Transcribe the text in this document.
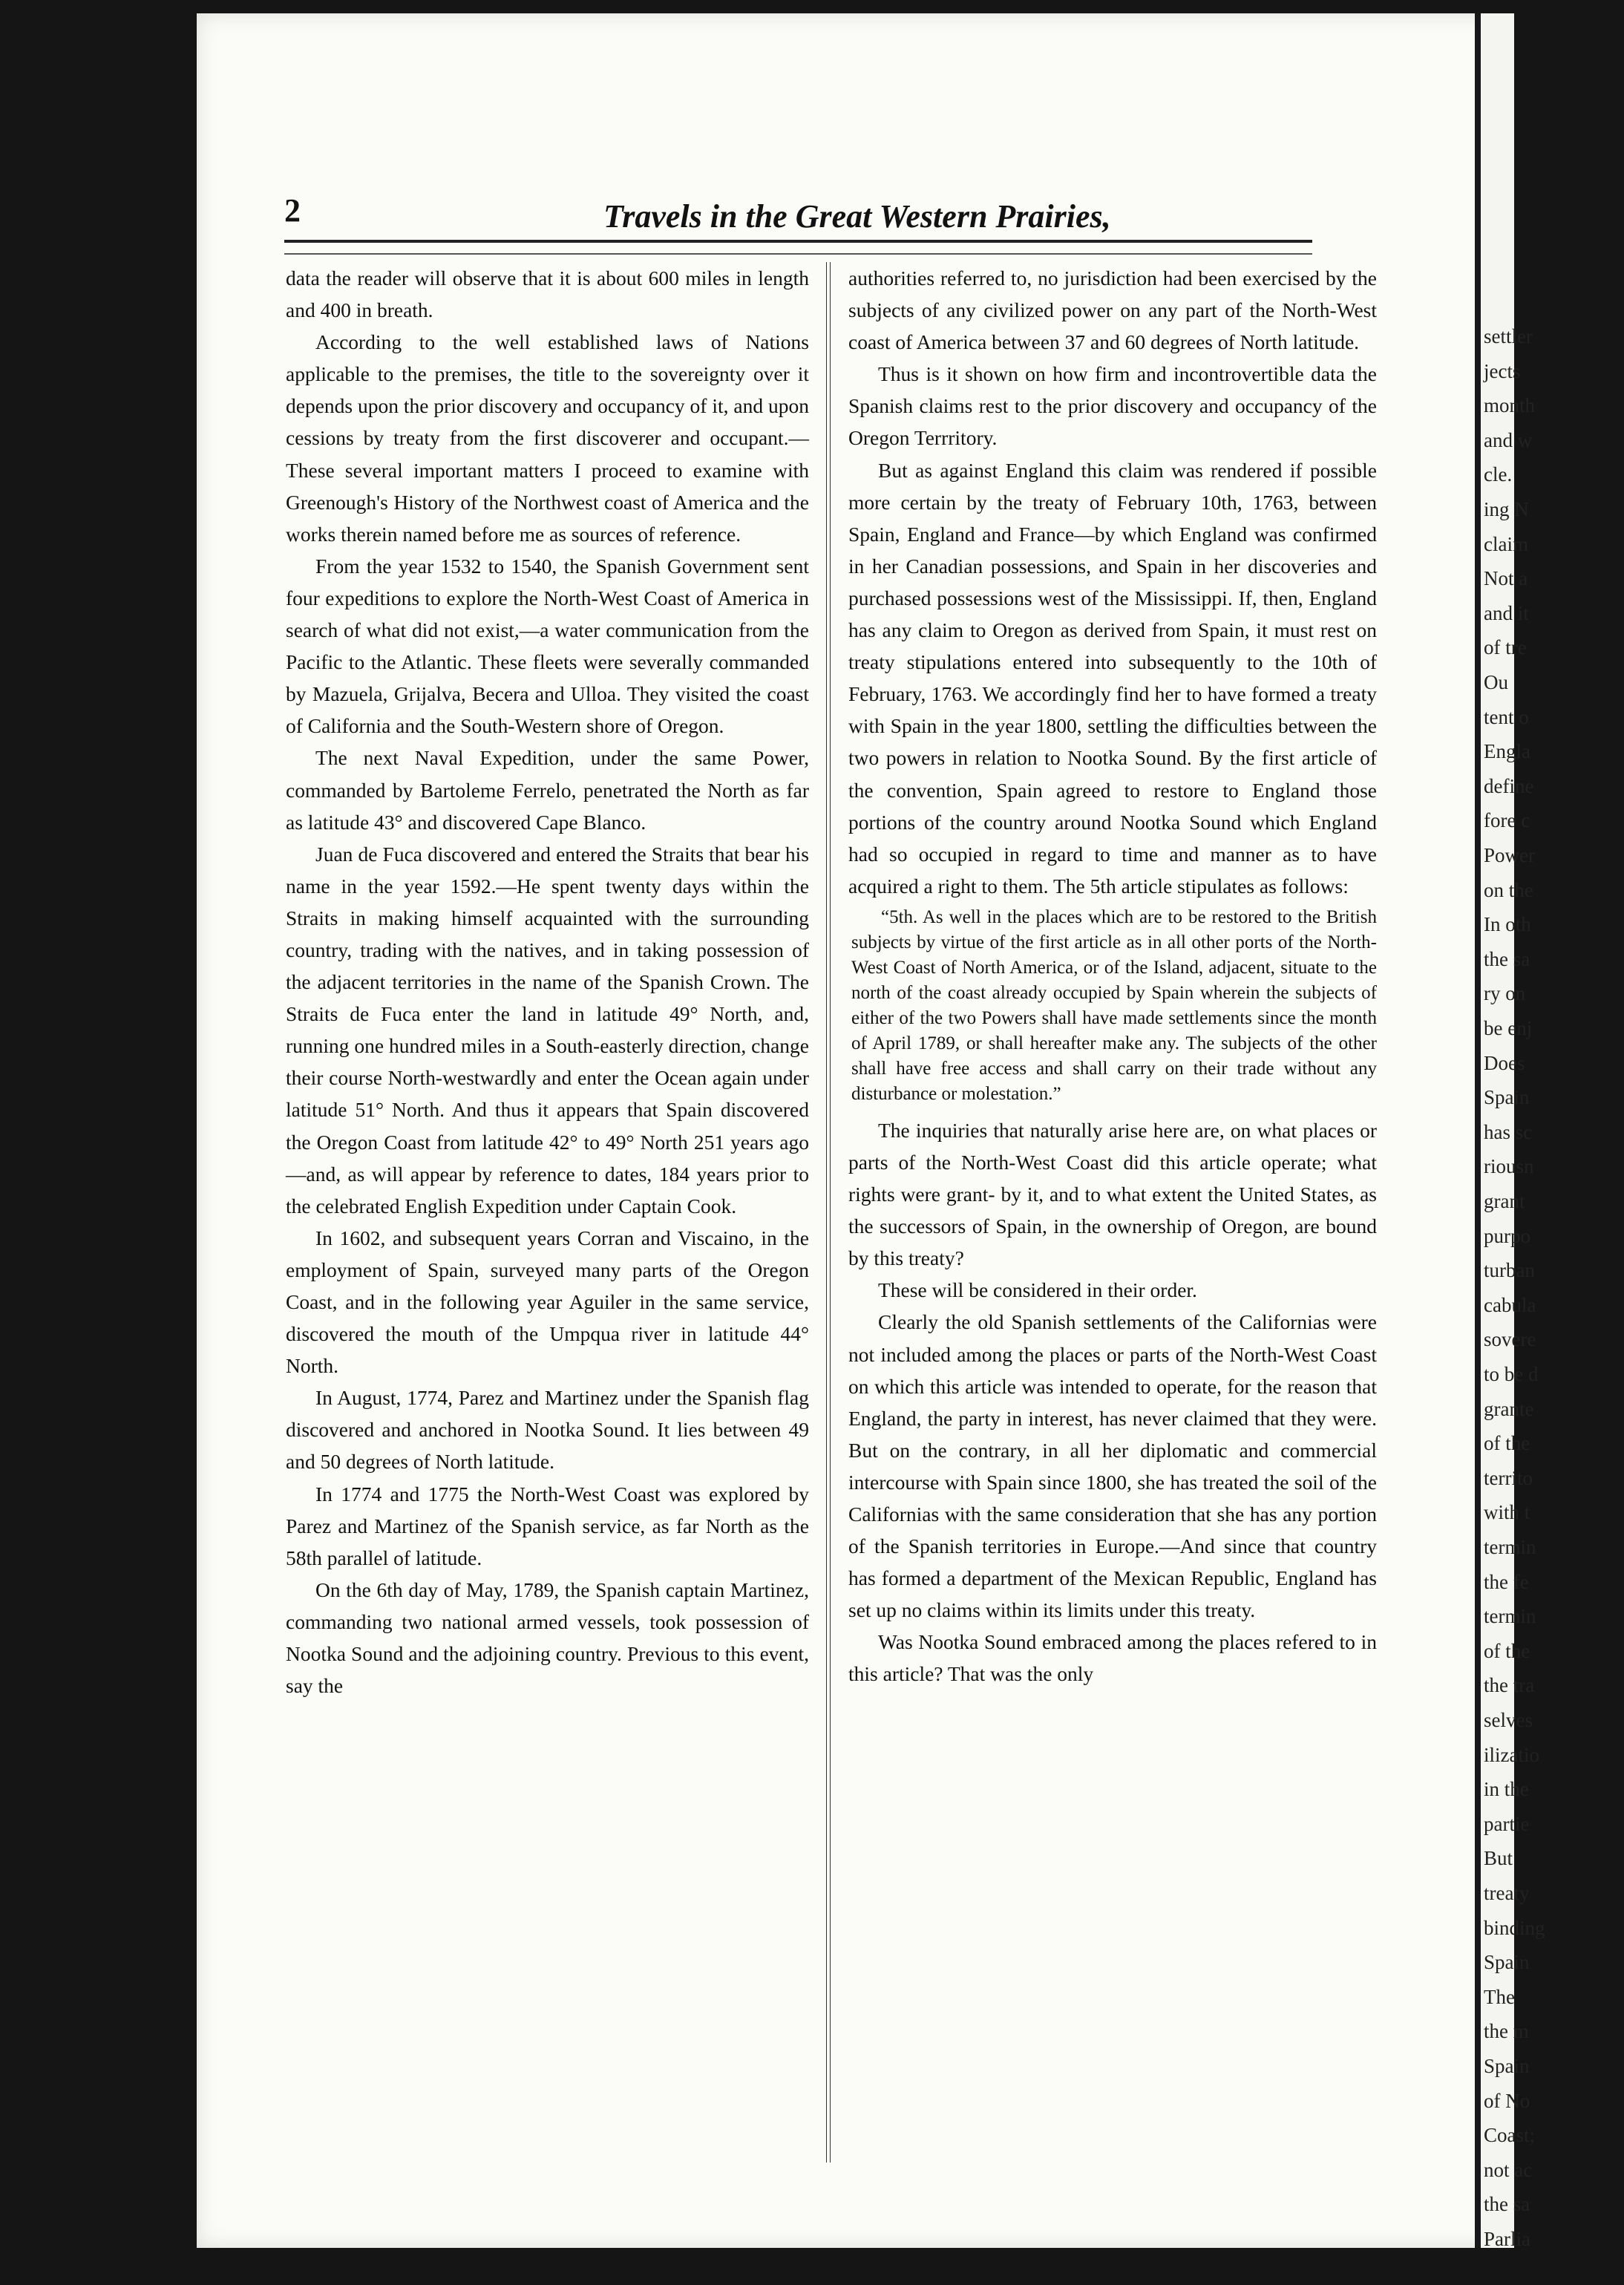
2	Travels in the Great Western Prairies,

data the reader will observe that it is about 600 miles in length and 400 in breath.

According to the well established laws of Nations applicable to the premises, the title to the sovereignty over it depends upon the prior discovery and occupancy of it, and upon cessions by treaty from the first discoverer and occupant.—These several important matters I proceed to examine with Greenough's History of the Northwest coast of America and the works therein named before me as sources of reference.

From the year 1532 to 1540, the Spanish Government sent four expeditions to explore the North-West Coast of America in search of what did not exist,—a water communication from the Pacific to the Atlantic. These fleets were severally commanded by Mazuela, Grijalva, Becera and Ulloa. They visited the coast of California and the South-Western shore of Oregon.

The next Naval Expedition, under the same Power, commanded by Bartoleme Ferrelo, penetrated the North as far as latitude 43° and discovered Cape Blanco.

Juan de Fuca discovered and entered the Straits that bear his name in the year 1592.—He spent twenty days within the Straits in making himself acquainted with the surrounding country, trading with the natives, and in taking possession of the adjacent territories in the name of the Spanish Crown. The Straits de Fuca enter the land in latitude 49° North, and, running one hundred miles in a South-easterly direction, change their course North-westwardly and enter the Ocean again under latitude 51° North. And thus it appears that Spain discovered the Oregon Coast from latitude 42° to 49° North 251 years ago—and, as will appear by reference to dates, 184 years prior to the celebrated English Expedition under Captain Cook.

In 1602, and subsequent years Corran and Viscaino, in the employment of Spain, surveyed many parts of the Oregon Coast, and in the following year Aguiler in the same service, discovered the mouth of the Umpqua river in latitude 44° North.

In August, 1774, Parez and Martinez under the Spanish flag discovered and anchored in Nootka Sound. It lies between 49 and 50 degrees of North latitude.

In 1774 and 1775 the North-West Coast was explored by Parez and Martinez of the Spanish service, as far North as the 58th parallel of latitude.

On the 6th day of May, 1789, the Spanish captain Martinez, commanding two national armed vessels, took possession of Nootka Sound and the adjoining country. Previous to this event, say the

authorities referred to, no jurisdiction had been exercised by the subjects of any civilized power on any part of the North-West coast of America between 37 and 60 degrees of North latitude.

Thus is it shown on how firm and incontrovertible data the Spanish claims rest to the prior discovery and occupancy of the Oregon Terrritory.

But as against England this claim was rendered if possible more certain by the treaty of February 10th, 1763, between Spain, England and France—by which England was confirmed in her Canadian possessions, and Spain in her discoveries and purchased possessions west of the Mississippi. If, then, England has any claim to Oregon as derived from Spain, it must rest on treaty stipulations entered into subsequently to the 10th of February, 1763. We accordingly find her to have formed a treaty with Spain in the year 1800, settling the difficulties between the two powers in relation to Nootka Sound. By the first article of the convention, Spain agreed to restore to England those portions of the country around Nootka Sound which England had so occupied in regard to time and manner as to have acquired a right to them. The 5th article stipulates as follows:

“5th. As well in the places which are to be restored to the British subjects by virtue of the first article as in all other ports of the North-West Coast of North America, or of the Island, adjacent, situate to the north of the coast already occupied by Spain wherein the subjects of either of the two Powers shall have made settlements since the month of April 1789, or shall hereafter make any. The subjects of the other shall have free access and shall carry on their trade without any disturbance or molestation.”

The inquiries that naturally arise here are, on what places or parts of the North-West Coast did this article operate; what rights were grant- by it, and to what extent the United States, as the successors of Spain, in the ownership of Oregon, are bound by this treaty?

These will be considered in their order.

Clearly the old Spanish settlements of the Californias were not included among the places or parts of the North-West Coast on which this article was intended to operate, for the reason that England, the party in interest, has never claimed that they were. But on the contrary, in all her diplomatic and commercial intercourse with Spain since 1800, she has treated the soil of the Californias with the same consideration that she has any portion of the Spanish territories in Europe.—And since that country has formed a department of the Mexican Republic, England has set up no claims within its limits under this treaty.

Was Nootka Sound embraced among the places refered to in this article? That was the only

settler
jects
month
and w
cle.
ing N
claim
Not a
and it
of tre
Ou
tent o
Engla
define
fore c
Power
on the
In oth
the sa
ry on
be enj
Does
Spain
has sc
riousn
grant
purpo
turban
cabula
sovere
to be d
grante
of the
territo
with t
termin
the fe
termin
of the
the tra
selves
ilizatio
in the
partie
But
treaty
binding
Spain
The
the m
Spain
of No
Coast;
not ac
the sa
Parlia
